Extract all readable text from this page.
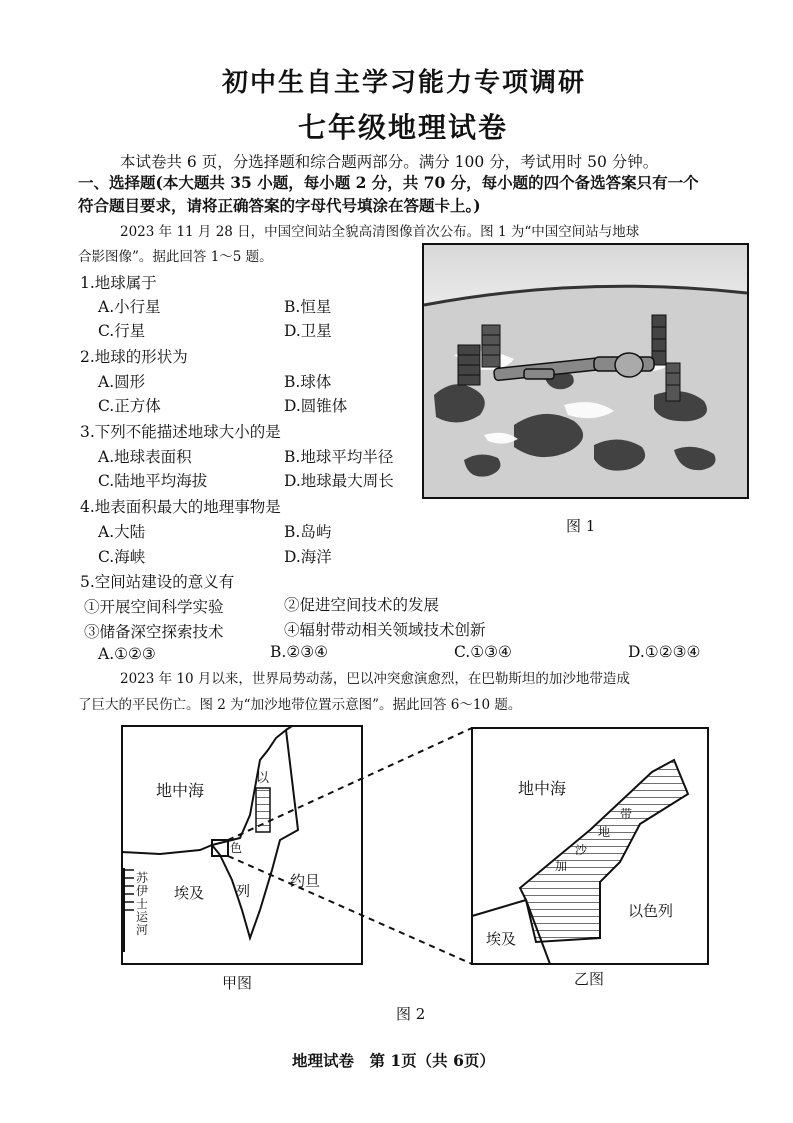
初中生自主学习能力专项调研
七年级地理试卷
本试卷共 6 页，分选择题和综合题两部分。满分 100 分，考试用时 50 分钟。
一、选择题(本大题共 35 小题，每小题 2 分，共 70 分，每小题的四个备选答案只有一个
符合题目要求，请将正确答案的字母代号填涂在答题卡上。)
2023 年 11 月 28 日，中国空间站全貌高清图像首次公布。图 1 为“中国空间站与地球
合影图像”。据此回答 1～5 题。
1.地球属于
A.小行星	B.恒星
C.行星	D.卫星
2.地球的形状为
A.圆形	B.球体
C.正方体	D.圆锥体
3.下列不能描述地球大小的是
A.地球表面积	B.地球平均半径
C.陆地平均海拔	D.地球最大周长
4.地表面积最大的地理事物是
A.大陆	B.岛屿
C.海峡	D.海洋
5.空间站建设的意义有
①开展空间科学实验	②促进空间技术的发展
③储备深空探索技术	④辐射带动相关领域技术创新
A.①②③	B.②③④	C.①③④	D.①②③④
图 1
2023 年 10 月以来，世界局势动荡，巴以冲突愈演愈烈，在巴勒斯坦的加沙地带造成
了巨大的平民伤亡。图 2 为“加沙地带位置示意图”。据此回答 6～10 题。
地中海
埃及
约旦
以
色
列
苏
伊
士
运
河
地中海
埃及
以色列
加
沙
地
带
甲图	乙图
图 2
地理试卷　第 1页（共 6页）
